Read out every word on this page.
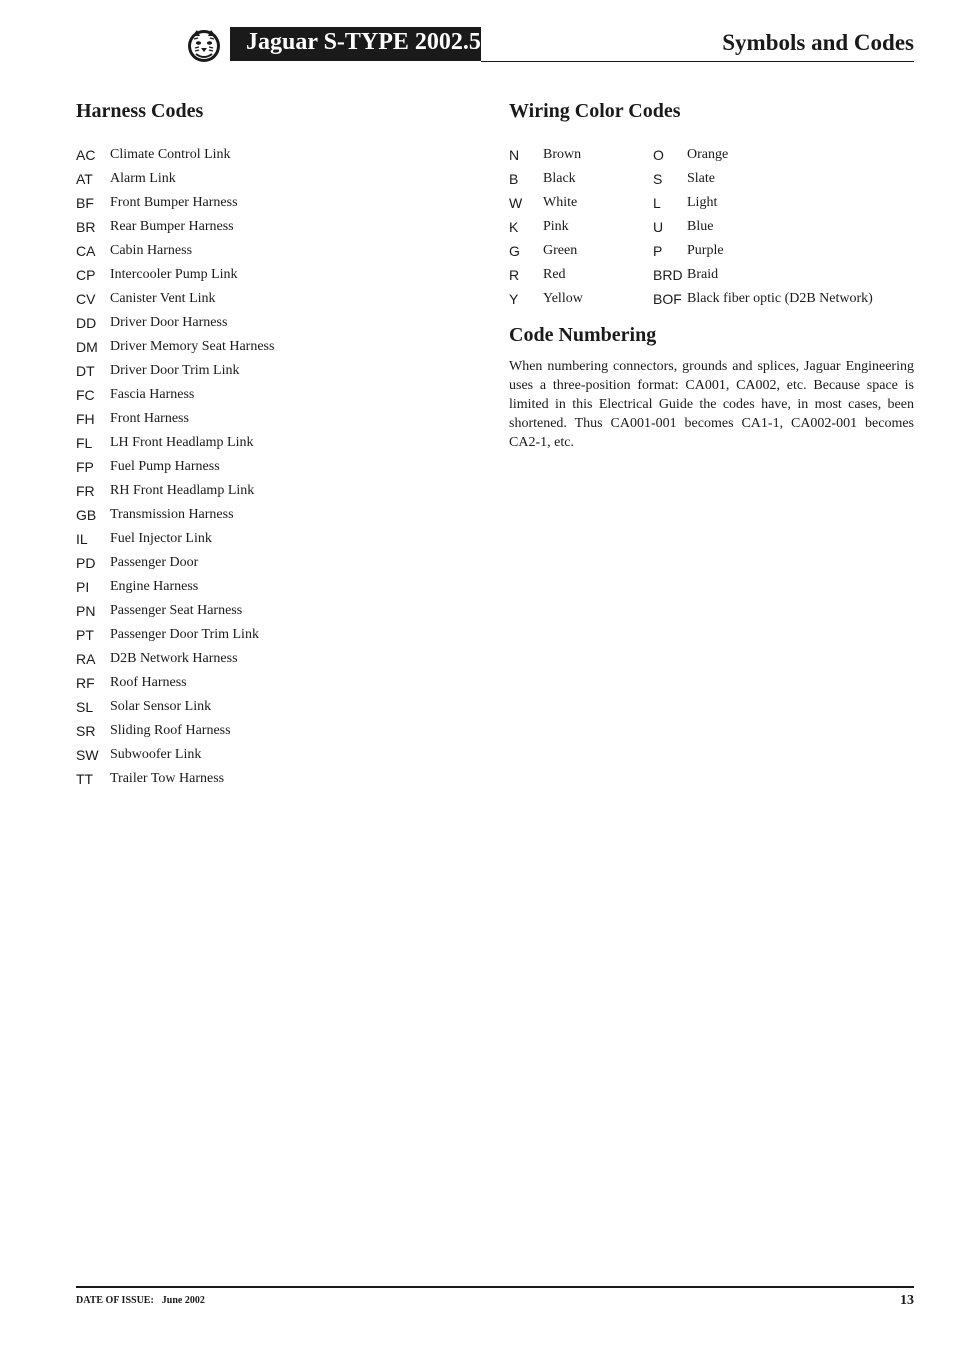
Jaguar S-TYPE 2002.5	Symbols and Codes
Harness Codes
AC Climate Control Link
AT Alarm Link
BF Front Bumper Harness
BR Rear Bumper Harness
CA Cabin Harness
CP Intercooler Pump Link
CV Canister Vent Link
DD Driver Door Harness
DM Driver Memory Seat Harness
DT Driver Door Trim Link
FC Fascia Harness
FH Front Harness
FL LH Front Headlamp Link
FP Fuel Pump Harness
FR RH Front Headlamp Link
GB Transmission Harness
IL Fuel Injector Link
PD Passenger Door
PI Engine Harness
PN Passenger Seat Harness
PT Passenger Door Trim Link
RA D2B Network Harness
RF Roof Harness
SL Solar Sensor Link
SR Sliding Roof Harness
SW Subwoofer Link
TT Trailer Tow Harness
Wiring Color Codes
N Brown
B Black
W White
K Pink
G Green
R Red
Y Yellow
O Orange
S Slate
L Light
U Blue
P Purple
BRD Braid
BOF Black fiber optic (D2B Network)
Code Numbering

When numbering connectors, grounds and splices, Jaguar Engineering uses a three-position format: CA001, CA002, etc. Because space is limited in this Electrical Guide the codes have, in most cases, been shortened. Thus CA001-001 becomes CA1-1, CA002-001 becomes CA2-1, etc.

DATE OF ISSUE: June 2002	13
